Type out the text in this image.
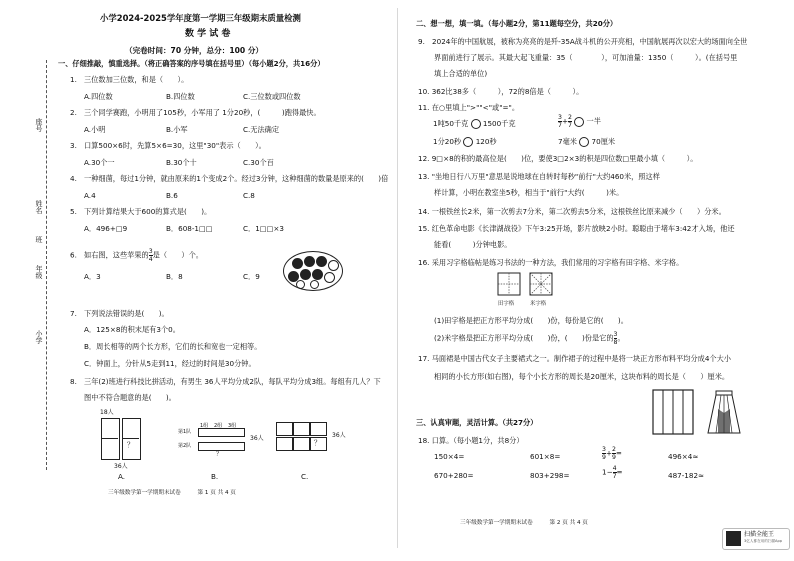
座号
姓名
班
年级
小学
小学2024-2025学年度第一学期三年级期末质量检测
数 学 试 卷
（完卷时间：70 分钟，总分：100 分）
一、仔细推敲，慎重选择。（将正确答案的序号填在括号里）（每小题2分，共16分）
1.　三位数加三位数，和是（　　）。
A.四位数	B.四位数	C.三位数或四位数
2.　三个同学赛跑，小明用了105秒，小军用了 1分20秒，(　　　)跑得最快。
A.小明	B.小军	C.无法确定
3.　口算500×6时，先算5×6=30，这里"30"表示（　　）。
A.30个一	B.30个十	C.30个百
4.　一种细菌，每过1分钟，就由原来的1个变成2个。经过3分钟，这种细菌的数量是原来的(　　)倍
A.4	B.6	C.8
5.　下列计算结果大于600的算式是(　　)。
A．496+□9	B．608-1□□	C．1□□×3
6.　如右图，这些苹果的 $\frac{3}{4}$ 是（　　）个。
A．3	B．8	C．9
7.　下列说法错误的是(　　)。
A．125×8的积末尾有3个0。
B．周长相等的两个长方形，它们的长和宽也一定相等。
C．钟面上，分针从5走到11，经过的时间是30分钟。
8.　三年(2)班进行科技比拼活动，有男生 36人平均分成2队，每队平均分成3组。每组有几人？下
图中不符合题意的是(　　)。
18人
？
36人
1组 2组 3组
第1队
第2队
？
36人
？
36人
A.	B.	C.
三年级数学第一学期期末试卷　　　第 1 页 共 4 页
二、想一想，填一填。（每小题2分，第11题每空分，共20分）
9.　2024年的中国航展，被称为亮亮的是歼-35A战斗机的公开亮相，中国航展再次以宏大的场面向全世
界面前进行了展示。其最大起飞重量：35（　　　　），可加油量：1350（　　　）。(在括号里
填上合适的单位)
10. 362比38多（　　　），72的8倍是（　　　）。
11. 在○里填上">""<"或"="。
1吨50千克 1500千克	$\frac{3}{7} + \frac{2}{7}$ 一半
1分20秒 120秒	7毫米 70厘米
12. 9□×8的积的最高位是(　　)位，要使3□2×3的积是四位数□里最小填（　　　）。
13. "坐地日行八万里"意思是说地球在自转时每秒"前行"大约460米，照这样
样计算，小明在教室坐5秒，相当于"前行"大约(　　　)米。
14. 一根铁丝长2米，第一次剪去7分米，第二次剪去5分米，这根铁丝比原来减少（　　）分米。
15. 红色革命电影《长津湖战役》下午3:25开场，影片放映2小时。聪聪由于堵车3:42才入场，他还
能看(　　　)分钟电影。
16. 采用习字格临帖是练习书法的一种方法，我们常用的习字格有田字格、米字格。
田字格	米字格
(1)田字格是把正方形平均分成(　　)份，每份是它的(　　)。
(2)米字格是把正方形平均分成(　　)份，(　　)份是它的 $\frac{3}{8}$ 。
17. 马面裙是中国古代女子主要裙式之一。制作裙子的过程中是将一块正方形布料平均分成4个大小
相同的小长方形(如右图)，每个小长方形的周长是20厘米，这块布料的周长是（　　）厘米。
三、认真审题，灵活计算。（共27分）
18. 口算。（每小题1分，共8分）
150×4=	601×8=	$\frac{3}{9} + \frac{2}{9}$ =	496×4≈
670+280=	803+298=	$1- \frac{4}{7}$ =	487-182≈
三年级数学第一学期期末试卷　　　第 2 页 共 4 页
扫描全能王
3亿人都在用的扫描App
